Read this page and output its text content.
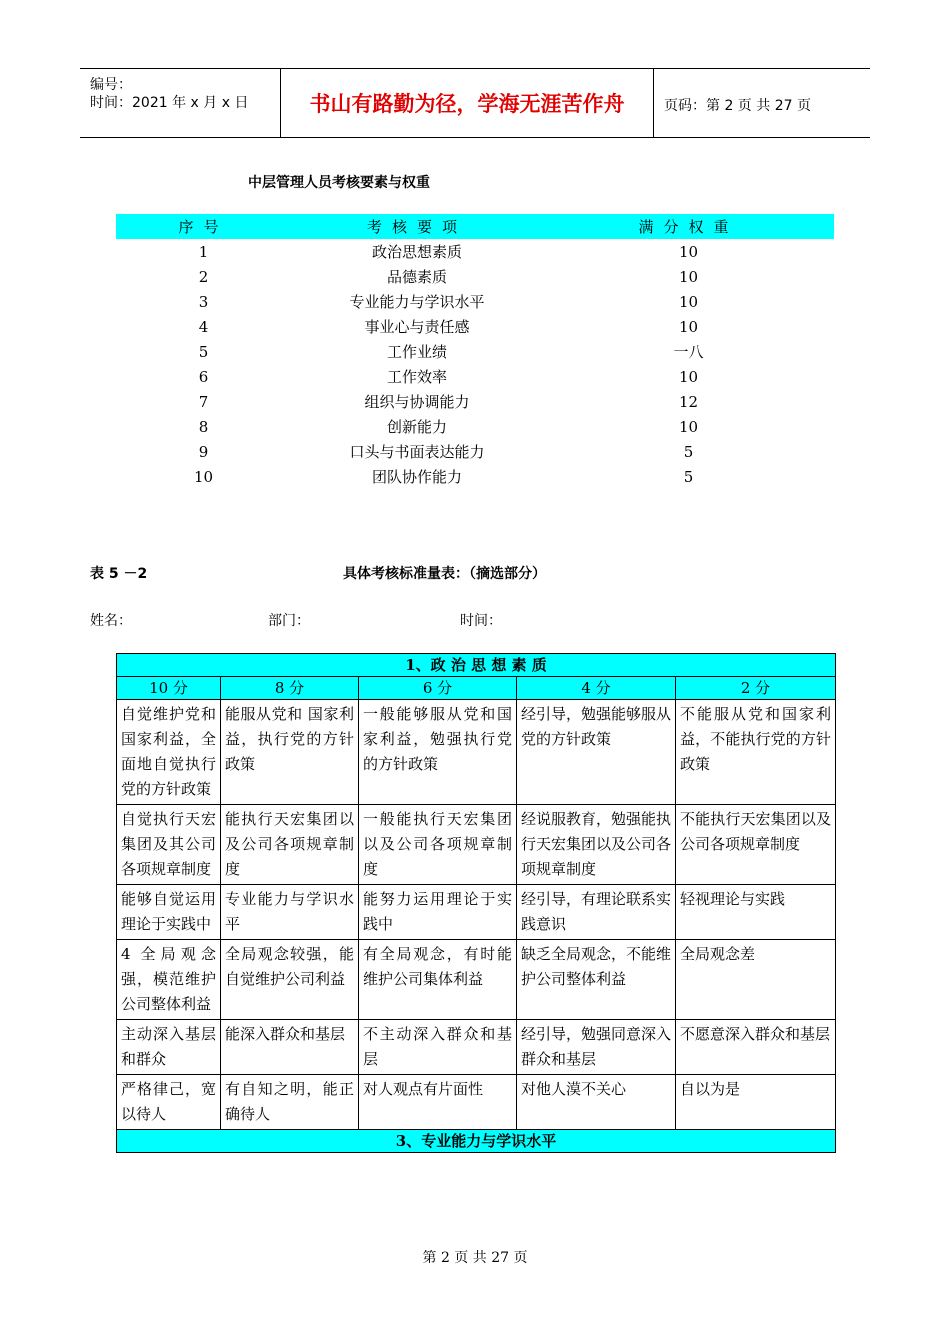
编号：
时间：2021 年 x 月 x 日	书山有路勤为径，学海无涯苦作舟	页码：第 2 页 共 27 页
中层管理人员考核要素与权重
序号	考核要项	满分权重
1	政治思想素质	10
2	品德素质	10
3	专业能力与学识水平	10
4	事业心与责任感	10
5	工作业绩	一八
6	工作效率	10
7	组织与协调能力	12
8	创新能力	10
9	口头与书面表达能力	5
10	团队协作能力	5
表 5 －2	具体考核标准量表：（摘选部分）
姓名：	部门：	时间：
1、政 治 思 想 素 质				
10 分	8 分	6 分	4 分	2 分
自觉维护党和国家利益，全面地自觉执行党的方针政策	能服从党和 国家利益，执行党的方针政策	一般能够服从党和国家利益，勉强执行党的方针政策	经引导，勉强能够服从党的方针政策	不能服从党和国家利益，不能执行党的方针政策
自觉执行天宏集团及其公司各项规章制度	能执行天宏集团以及公司各项规章制度	一般能执行天宏集团以及公司各项规章制度	经说服教育，勉强能执行天宏集团以及公司各项规章制度	不能执行天宏集团以及公司各项规章制度
能够自觉运用理论于实践中	专业能力与学识水平	能努力运用理论于实践中	经引导，有理论联系实践意识	轻视理论与实践
4 全局观念强，模范维护公司整体利益	全局观念较强，能自觉维护公司利益	有全局观念，有时能维护公司集体利益	缺乏全局观念，不能维护公司整体利益	全局观念差
主动深入基层和群众	能深入群众和基层	不主动深入群众和基层	经引导，勉强同意深入群众和基层	不愿意深入群众和基层
严格律己，宽以待人	有自知之明，能正确待人	对人观点有片面性	对他人漠不关心	自以为是
3、专业能力与学识水平				
第 2 页 共 27 页
